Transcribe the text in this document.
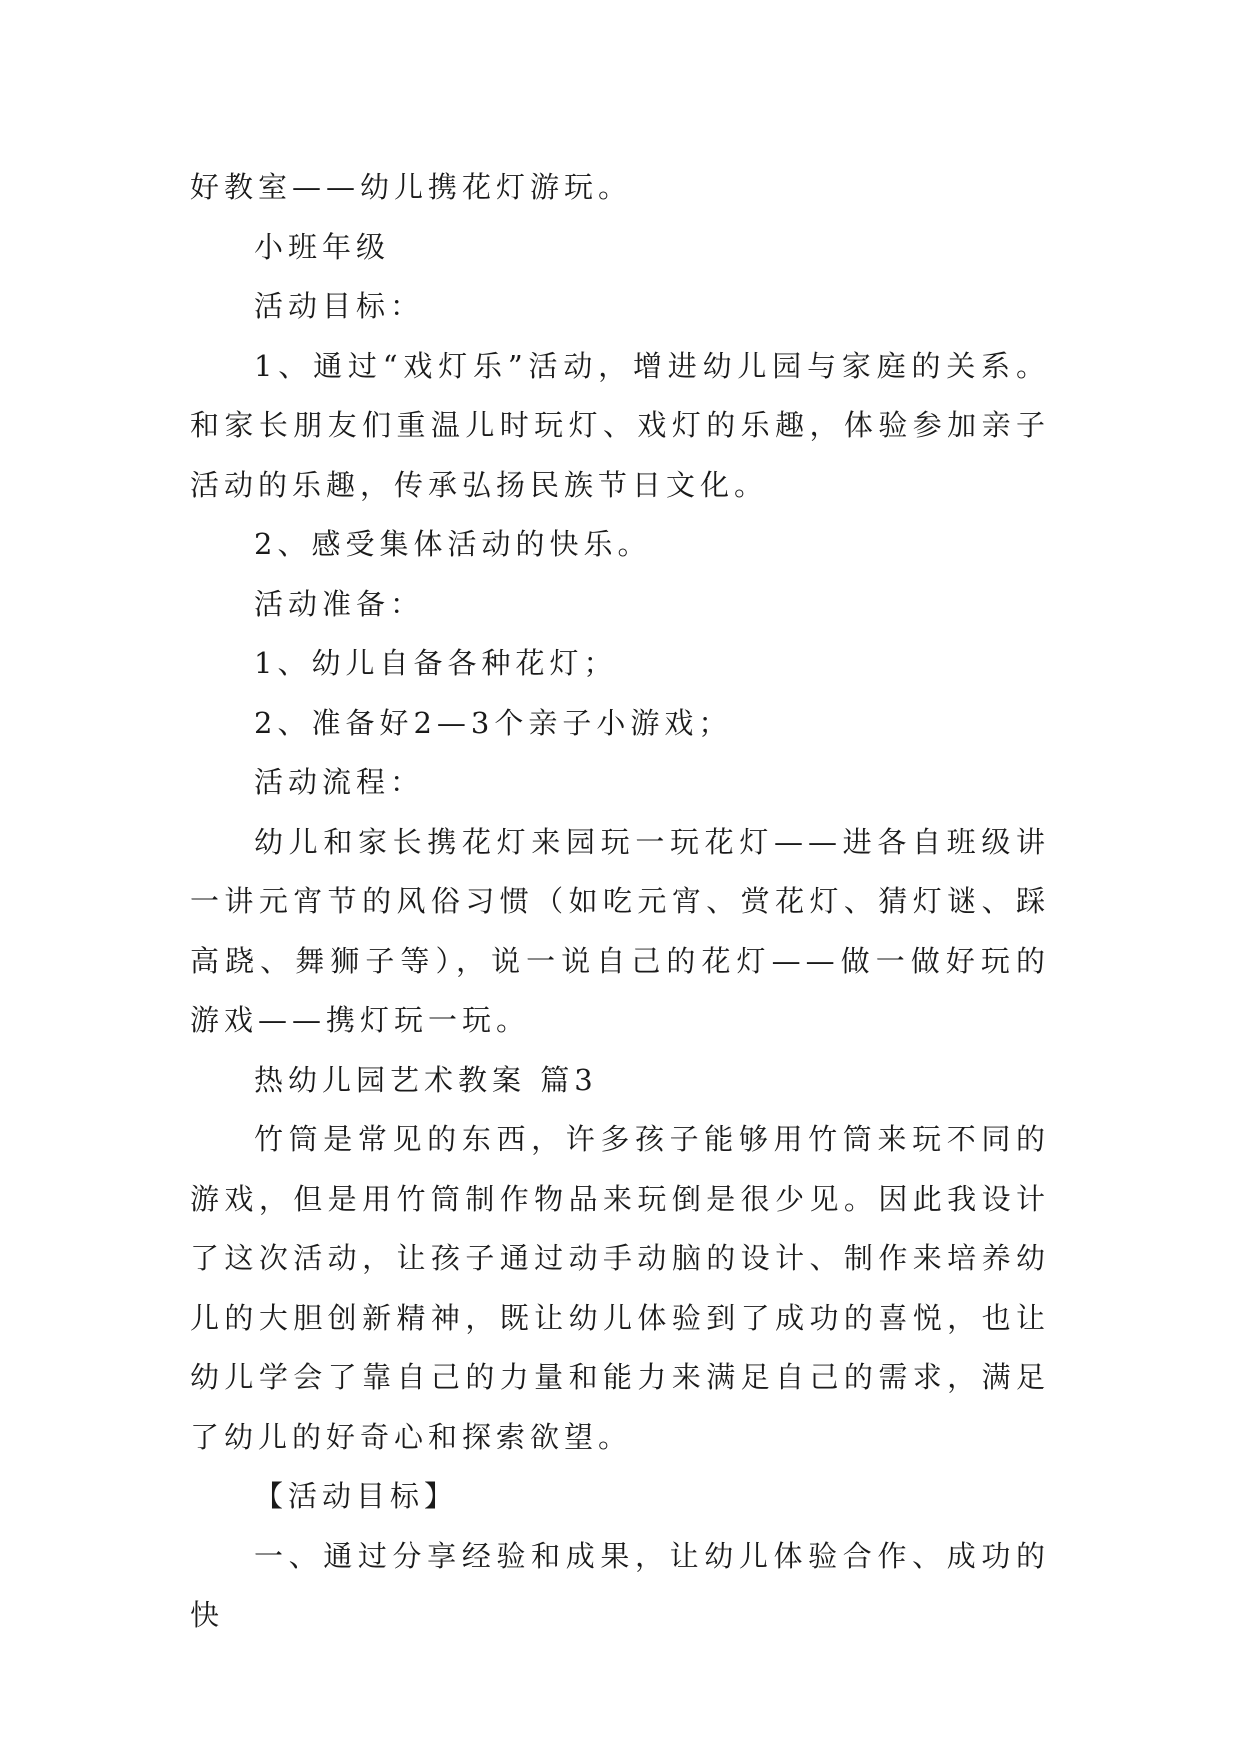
好教室——幼儿携花灯游玩。

小班年级

活动目标：

1、通过“戏灯乐”活动，增进幼儿园与家庭的关系。和家长朋友们重温儿时玩灯、戏灯的乐趣，体验参加亲子活动的乐趣，传承弘扬民族节日文化。

2、感受集体活动的快乐。

活动准备：

1、幼儿自备各种花灯；

2、准备好2—3个亲子小游戏；

活动流程：

幼儿和家长携花灯来园玩一玩花灯——进各自班级讲一讲元宵节的风俗习惯（如吃元宵、赏花灯、猜灯谜、踩高跷、舞狮子等），说一说自己的花灯——做一做好玩的游戏——携灯玩一玩。

热幼儿园艺术教案 篇3

竹筒是常见的东西，许多孩子能够用竹筒来玩不同的游戏，但是用竹筒制作物品来玩倒是很少见。因此我设计了这次活动，让孩子通过动手动脑的设计、制作来培养幼儿的大胆创新精神，既让幼儿体验到了成功的喜悦，也让幼儿学会了靠自己的力量和能力来满足自己的需求，满足了幼儿的好奇心和探索欲望。

【活动目标】

一、通过分享经验和成果，让幼儿体验合作、成功的快
